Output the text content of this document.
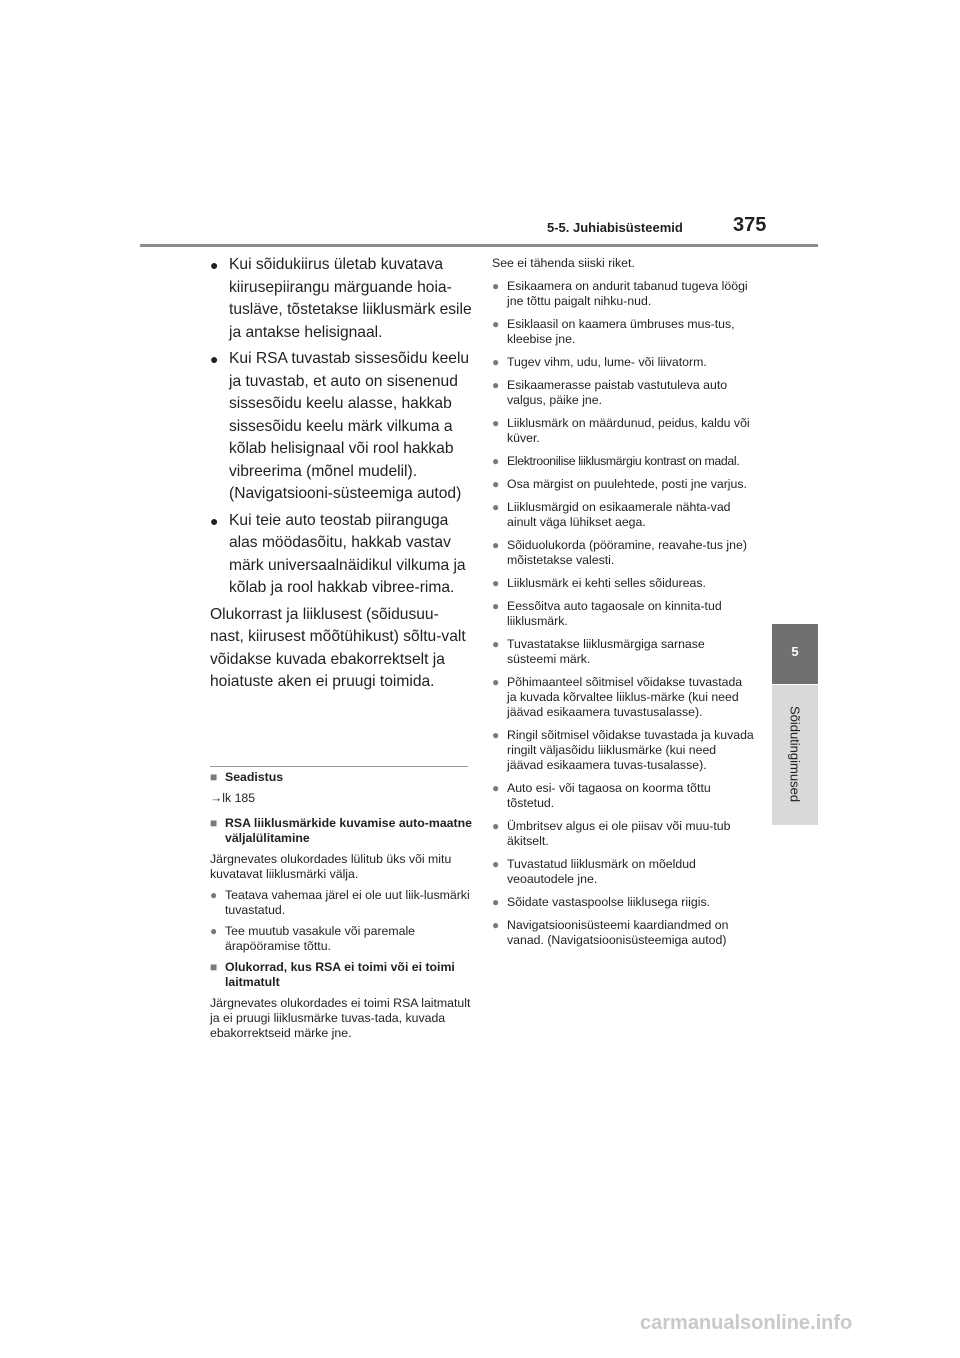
5-5. Juhiabisüsteemid	375
5
Sõidutingimused
● Kui sõidukiirus ületab kuvatava kiirusepiirangu märguande hoia-tusläve, tõstetakse liiklusmärk esile ja antakse helisignaal.
● Kui RSA tuvastab sissesõidu keelu ja tuvastab, et auto on sisenenud sissesõidu keelu alasse, hakkab sissesõidu keelu märk vilkuma a kõlab helisignaal või rool hakkab vibreerima (mõnel mudelil). (Navigatsiooni-süsteemiga autod)
● Kui teie auto teostab piiranguga alas möödasõitu, hakkab vastav märk universaalnäidikul vilkuma ja kõlab ja rool hakkab vibree-rima.
Olukorrast ja liiklusest (sõidusuu-nast, kiirusest mõõtühikust) sõltu-valt võidakse kuvada ebakorrektselt ja hoiatuste aken ei pruugi toimida.
■ Seadistus
→lk 185
■ RSA liiklusmärkide kuvamise auto-maatne väljalülitamine
Järgnevates olukordades lülitub üks või mitu kuvatavat liiklusmärki välja.
● Teatava vahemaa järel ei ole uut liik-lusmärki tuvastatud.
● Tee muutub vasakule või paremale ärapööramise tõttu.
■ Olukorrad, kus RSA ei toimi või ei toimi laitmatult
Järgnevates olukordades ei toimi RSA laitmatult ja ei pruugi liiklusmärke tuvas-tada, kuvada ebakorrektseid märke jne.
See ei tähenda siiski riket.
● Esikaamera on andurit tabanud tugeva löögi jne tõttu paigalt nihku-nud.
● Esiklaasil on kaamera ümbruses mus-tus, kleebise jne.
● Tugev vihm, udu, lume- või liivatorm.
● Esikaamerasse paistab vastutuleva auto valgus, päike jne.
● Liiklusmärk on määrdunud, peidus, kaldu või küver.
● Elektroonilise liiklusmärgiu kontrast on madal.
● Osa märgist on puulehtede, posti jne varjus.
● Liiklusmärgid on esikaamerale nähta-vad ainult väga lühikset aega.
● Sõiduolukorda (pööramine, reavahe-tus jne) mõistetakse valesti.
● Liiklusmärk ei kehti selles sõidureas.
● Eessõitva auto tagaosale on kinnita-tud liiklusmärk.
● Tuvastatakse liiklusmärgiga sarnase süsteemi märk.
● Põhimaanteel sõitmisel võidakse tuvastada ja kuvada kõrvaltee liiklus-märke (kui need jäävad esikaamera tuvastusalasse).
● Ringil sõitmisel võidakse tuvastada ja kuvada ringilt väljasõidu liiklusmärke (kui need jäävad esikaamera tuvas-tusalasse).
● Auto esi- või tagaosa on koorma tõttu tõstetud.
● Ümbritsev algus ei ole piisav või muu-tub äkitselt.
● Tuvastatud liiklusmärk on mõeldud veoautodele jne.
● Sõidate vastaspoolse liiklusega riigis.
● Navigatsioonisüsteemi kaardiandmed on vanad. (Navigatsioonisüsteemiga autod)
carmanualsonline.info
